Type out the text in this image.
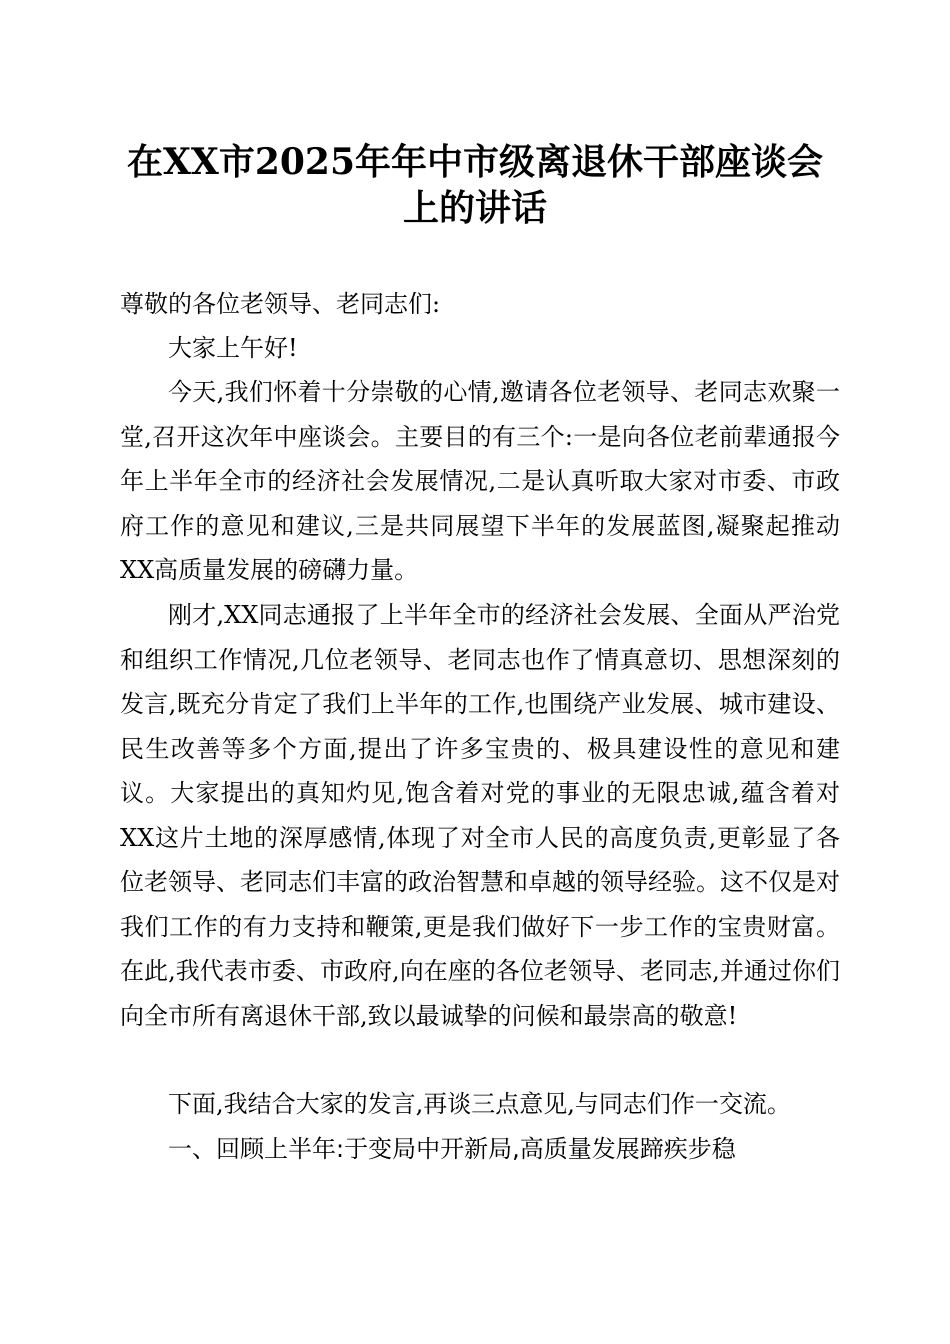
在XX市2025年年中市级离退休干部座谈会
上的讲话
尊敬的各位老领导、老同志们:
大家上午好!
今天,我们怀着十分崇敬的心情,邀请各位老领导、老同志欢聚一堂,召开这次年中座谈会。主要目的有三个:一是向各位老前辈通报今年上半年全市的经济社会发展情况,二是认真听取大家对市委、市政府工作的意见和建议,三是共同展望下半年的发展蓝图,凝聚起推动XX高质量发展的磅礴力量。
刚才,XX同志通报了上半年全市的经济社会发展、全面从严治党和组织工作情况,几位老领导、老同志也作了情真意切、思想深刻的发言,既充分肯定了我们上半年的工作,也围绕产业发展、城市建设、民生改善等多个方面,提出了许多宝贵的、极具建设性的意见和建议。大家提出的真知灼见,饱含着对党的事业的无限忠诚,蕴含着对XX这片土地的深厚感情,体现了对全市人民的高度负责,更彰显了各位老领导、老同志们丰富的政治智慧和卓越的领导经验。这不仅是对我们工作的有力支持和鞭策,更是我们做好下一步工作的宝贵财富。在此,我代表市委、市政府,向在座的各位老领导、老同志,并通过你们向全市所有离退休干部,致以最诚挚的问候和最崇高的敬意!
下面,我结合大家的发言,再谈三点意见,与同志们作一交流。
一、回顾上半年:于变局中开新局,高质量发展蹄疾步稳
